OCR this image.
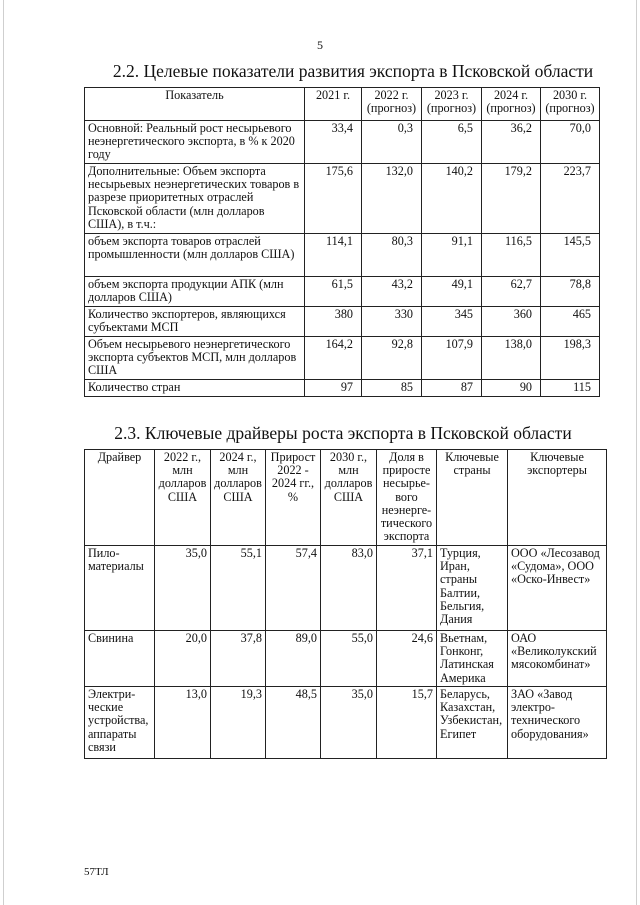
5
2.2. Целевые показатели развития экспорта в Псковской области
Показатель	2021 г.	2022 г. (прогноз)	2023 г. (прогноз)	2024 г. (прогноз)	2030 г. (прогноз)
Основной: Реальный рост несырьевого неэнергетического экспорта, в % к 2020 году	33,4	0,3	6,5	36,2	70,0
Дополнительные: Объем экспорта несырьевых неэнергетических товаров в разрезе приоритетных отраслей Псковской области (млн долларов США), в т.ч.:	175,6	132,0	140,2	179,2	223,7
объем экспорта товаров отраслей промышленности (млн долларов США)	114,1	80,3	91,1	116,5	145,5
объем экспорта продукции АПК (млн долларов США)	61,5	43,2	49,1	62,7	78,8
Количество экспортеров, являющихся субъектами МСП	380	330	345	360	465
Объем несырьевого неэнергетического экспорта субъектов МСП, млн долларов США	164,2	92,8	107,9	138,0	198,3
Количество стран	97	85	87	90	115
2.3. Ключевые драйверы роста экспорта в Псковской области
Драйвер	2022 г., млн долларов США	2024 г., млн долларов США	Прирост 2022 - 2024 гг., %	2030 г., млн долларов США	Доля в приросте несырье-вого неэнерге-тического экспорта	Ключевые страны	Ключевые экспортеры
Пило-материалы	35,0	55,1	57,4	83,0	37,1	Турция, Иран, страны Балтии, Бельгия, Дания	ООО «Лесозавод «Судома», ООО «Оско-Инвест»
Свинина	20,0	37,8	89,0	55,0	24,6	Вьетнам, Гонконг, Латинская Америка	ОАО «Великолукский мясокомбинат»
Электри-ческие устройства, аппараты связи	13,0	19,3	48,5	35,0	15,7	Беларусь, Казахстан, Узбекистан, Египет	ЗАО «Завод электро-технического оборудования»
57ТЛ
